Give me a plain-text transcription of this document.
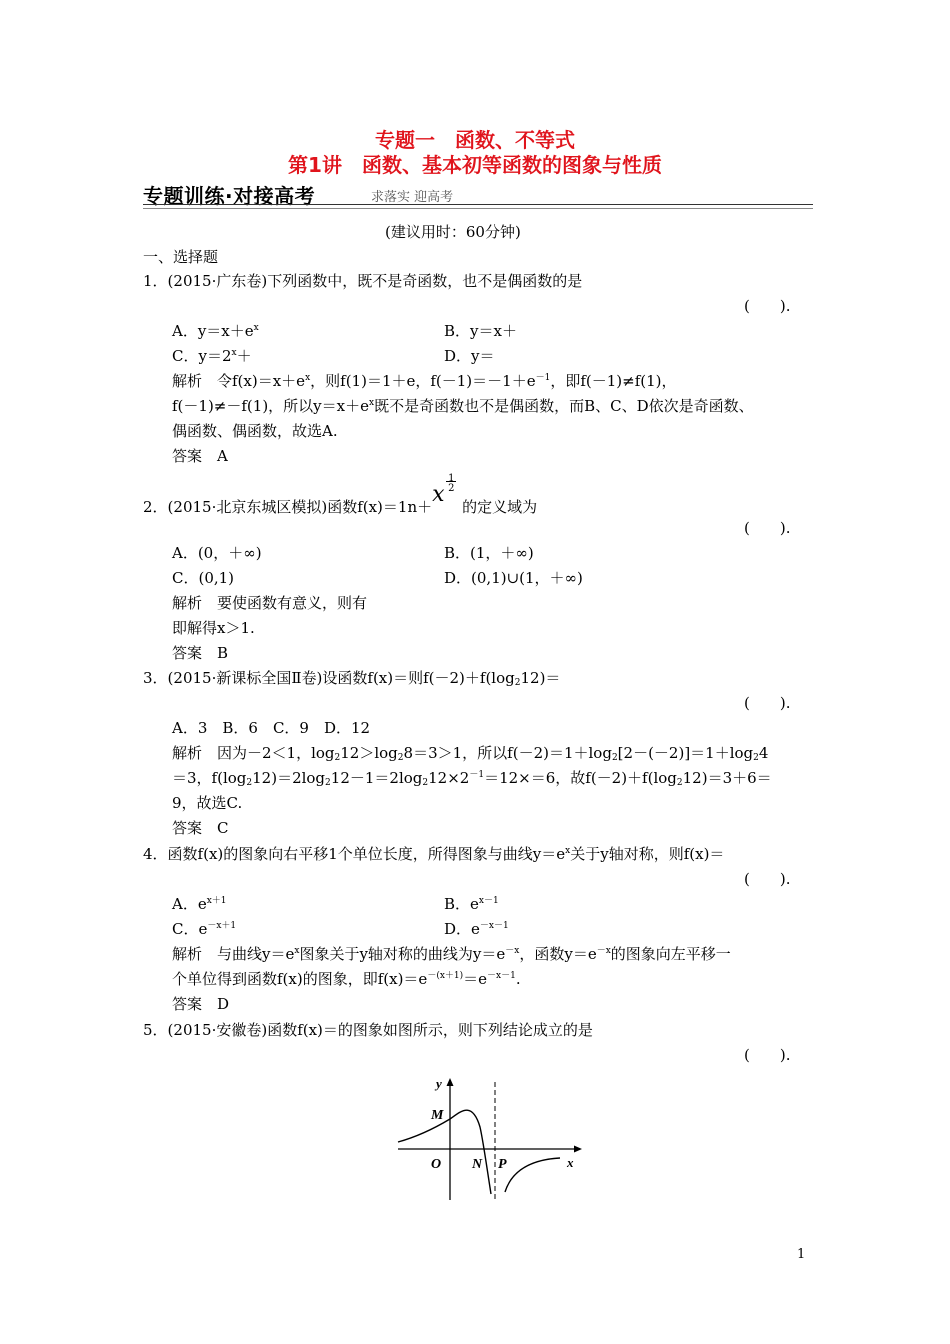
专题一　函数、不等式
第1讲　函数、基本初等函数的图象与性质
专题训练·对接高考	求落实 迎高考
(建议用时：60分钟)
一、选择题
1．(2015·广东卷)下列函数中，既不是奇函数，也不是偶函数的是
(　　).
A．$y=x+e^x$	B．y＝x＋
C．$y=2^x+$	D．y＝
解析　令$f(x)=x+e^x$，则f(1)＝1＋e，$f(-1)=-1+e^{-1}$，即f(－1)≠f(1)，
f(－1)≠－f(1)，所以$y=x+e^x$既不是奇函数也不是偶函数，而B、C、D依次是奇函数、
偶函数、偶函数，故选A.
答案　A
2．(2015·北京东城区模拟)函数f(x)＝1n＋ x
1
2
的定义域为
(　　).
A．(0，＋∞)	B．(1，＋∞)
C．(0,1)	D．(0,1)∪(1，＋∞)
解析　要使函数有意义，则有
即解得x＞1.
答案　B
3．(2015·新课标全国Ⅱ卷)设函数f(x)＝则$f(-2)+f(\log_212)=$
(　　).
A．3　B．6　C．9　D．12
解析　因为－2＜1，$\log_212>\log_28=3>1$，所以$f(-2)=1+\log_2[2-(-2)]=1+\log_24$
＝3，$f(\log_212)=2\log_212-1=2\log_212\times 2^{-1}=12\times=6$，故$f(-2)+f(\log_212)=3+6=$
9，故选C.
答案　C
4．函数f(x)的图象向右平移1个单位长度，所得图象与曲线$y=e^x$关于y轴对称，则f(x)＝
(　　).
A．$e^{x+1}$	B．$e^{x-1}$
C．$e^{-x+1}$	D．$e^{-x-1}$
解析　与曲线$y=e^x$图象关于y轴对称的曲线为$y=e^{-x}$，函数$y=e^{-x}$的图象向左平移一
个单位得到函数f(x)的图象，即$f(x)=e^{-(x+1)}=e^{-x-1}$.
答案　D
5．(2015·安徽卷)函数f(x)＝的图象如图所示，则下列结论成立的是
(　　).
y
x
M
O N P
1
